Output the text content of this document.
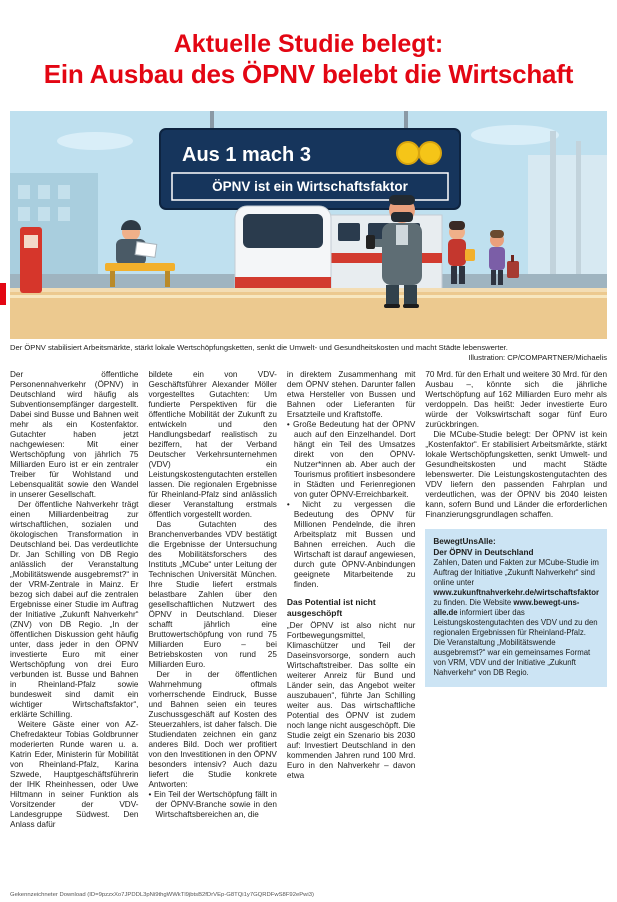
Aktuelle Studie belegt:
Ein Ausbau des ÖPNV belebt die Wirtschaft
Aus 1 mach 3
ÖPNV ist ein Wirtschaftsfaktor
Der ÖPNV stabilisiert Arbeitsmärkte, stärkt lokale Wertschöpfungsketten, senkt die Umwelt- und Gesundheitskosten und macht Städte lebenswerter.
Illustration: CP/COMPARTNER/Michaelis

Der öffentliche Personennahverkehr (ÖPNV) in Deutschland wird häufig als Subventionsempfänger dargestellt. Dabei sind Busse und Bahnen weit mehr als ein Kostenfaktor. Gutachter haben jetzt nachgewiesen: Mit einer Wertschöpfung von jährlich 75 Milliarden Euro ist er ein zentraler Treiber für Wohlstand und Lebensqualität sowie den Wandel in unserer Gesellschaft.

Der öffentliche Nahverkehr trägt einen Milliardenbeitrag zur wirtschaftlichen, sozialen und ökologischen Transformation in Deutschland bei. Das verdeutlichte Dr. Jan Schilling von DB Regio anlässlich der Veranstaltung „Mobilitätswende ausgebremst?“ in der VRM-Zentrale in Mainz. Er bezog sich dabei auf die zentralen Ergebnisse einer Studie im Auftrag der Initiative „Zukunft Nahverkehr“ (ZNV) von DB Regio. „In der öffentlichen Diskussion geht häufig unter, dass jeder in den ÖPNV investierte Euro mit einer Wertschöpfung von drei Euro verbunden ist. Busse und Bahnen in Rheinland-Pfalz sowie bundesweit sind damit ein wichtiger Wirtschaftsfaktor“, erklärte Schilling.

Weitere Gäste einer von AZ-Chefredakteur Tobias Goldbrunner moderierten Runde waren u. a. Katrin Eder, Ministerin für Mobilität von Rheinland-Pfalz, Karina Szwede, Hauptgeschäftsführerin der IHK Rheinhessen, oder Uwe Hiltmann in seiner Funktion als Vorsitzender der VDV-Landesgruppe Südwest. Den Anlass dafür

bildete ein von VDV-Geschäftsführer Alexander Möller vorgestelltes Gutachten: Um fundierte Perspektiven für die öffentliche Mobilität der Zukunft zu entwickeln und den Handlungsbedarf realistisch zu beziffern, hat der Verband Deutscher Verkehrsunternehmen (VDV) ein Leistungskostengutachten erstellen lassen. Die regionalen Ergebnisse für Rheinland-Pfalz sind anlässlich dieser Veranstaltung erstmals öffentlich vorgestellt worden.

Das Gutachten des Branchenverbandes VDV bestätigt die Ergebnisse der Untersuchung des Mobilitätsforschers des Instituts „MCube“ unter Leitung der Technischen Universität München. Ihre Studie liefert erstmals belastbare Zahlen über den gesellschaftlichen Nutzwert des ÖPNV in Deutschland. Dieser schafft jährlich eine Bruttowertschöpfung von rund 75 Milliarden Euro – bei Betriebskosten von rund 25 Milliarden Euro.

Der in der öffentlichen Wahrnehmung oftmals vorherrschende Eindruck, Busse und Bahnen seien ein teures Zuschussgeschäft auf Kosten des Steuerzahlers, ist daher falsch. Die Studiendaten zeichnen ein ganz anderes Bild. Doch wer profitiert von den Investitionen in den ÖPNV besonders intensiv? Auch dazu liefert die Studie konkrete Antworten:

• Ein Teil der Wertschöpfung fällt in der ÖPNV-Branche sowie in den Wirtschaftsbereichen an, die

in direktem Zusammenhang mit dem ÖPNV stehen. Darunter fallen etwa Hersteller von Bussen und Bahnen oder Lieferanten für Ersatzteile und Kraftstoffe.

• Große Bedeutung hat der ÖPNV auch auf den Einzelhandel. Dort hängt ein Teil des Umsatzes direkt von den ÖPNV-Nutzer*innen ab. Aber auch der Tourismus profitiert insbesondere in Städten und Ferienregionen von guter ÖPNV-Erreichbarkeit.

• Nicht zu vergessen die Bedeutung des ÖPNV für Millionen Pendelnde, die ihren Arbeitsplatz mit Bussen und Bahnen erreichen. Auch die Wirtschaft ist darauf angewiesen, durch gute ÖPNV-Anbindungen geeignete Mitarbeitende zu finden.

Das Potential ist nicht ausgeschöpft

„Der ÖPNV ist also nicht nur Fortbewegungsmittel, Klimaschützer und Teil der Daseinsvorsorge, sondern auch Wirtschaftstreiber. Das sollte ein weiterer Anreiz für Bund und Länder sein, das Angebot weiter auszubauen“, führte Jan Schilling weiter aus. Das wirtschaftliche Potential des ÖPNV ist zudem noch lange nicht ausgeschöpft. Die Studie zeigt ein Szenario bis 2030 auf: Investiert Deutschland in den kommenden Jahren rund 100 Mrd. Euro in den Nahverkehr – davon etwa

70 Mrd. für den Erhalt und weitere 30 Mrd. für den Ausbau –, könnte sich die jährliche Wertschöpfung auf 162 Milliarden Euro mehr als verdoppeln. Das heißt: Jeder investierte Euro würde der Volkswirtschaft sogar fünf Euro zurückbringen.

Die MCube-Studie belegt: Der ÖPNV ist kein „Kostenfaktor“. Er stabilisiert Arbeitsmärkte, stärkt lokale Wertschöpfungsketten, senkt Umwelt- und Gesundheitskosten und macht Städte lebenswerter. Die Leistungskostengutachten des VDV liefern den passenden Fahrplan und verdeutlichen, was der ÖPNV bis 2040 leisten kann, sofern Bund und Länder die erforderlichen Finanzierungsgrundlagen schaffen.

BewegtUnsAlle:
Der ÖPNV in Deutschland

Zahlen, Daten und Fakten zur MCube-Studie im Auftrag der Initiative „Zukunft Nahverkehr“ sind online unter www.zukunftnahverkehr.de/wirtschaftsfaktor zu finden. Die Website www.bewegt-uns-alle.de informiert über das Leistungskostengutachten des VDV und zu den regionalen Ergebnissen für Rheinland-Pfalz.

Die Veranstaltung „Mobilitätswende ausgebremst?“ war ein gemeinsames Format von VRM, VDV und der Initiative „Zukunft Nahverkehr“ von DB Regio.

Gekennzeichneter Download (ID=9pzzxXo7JPDDL3pNi9thgWWkTl9jbtsB2fDrVEp-G8TQi1y7GQRDFwS8F92ePwi3)
